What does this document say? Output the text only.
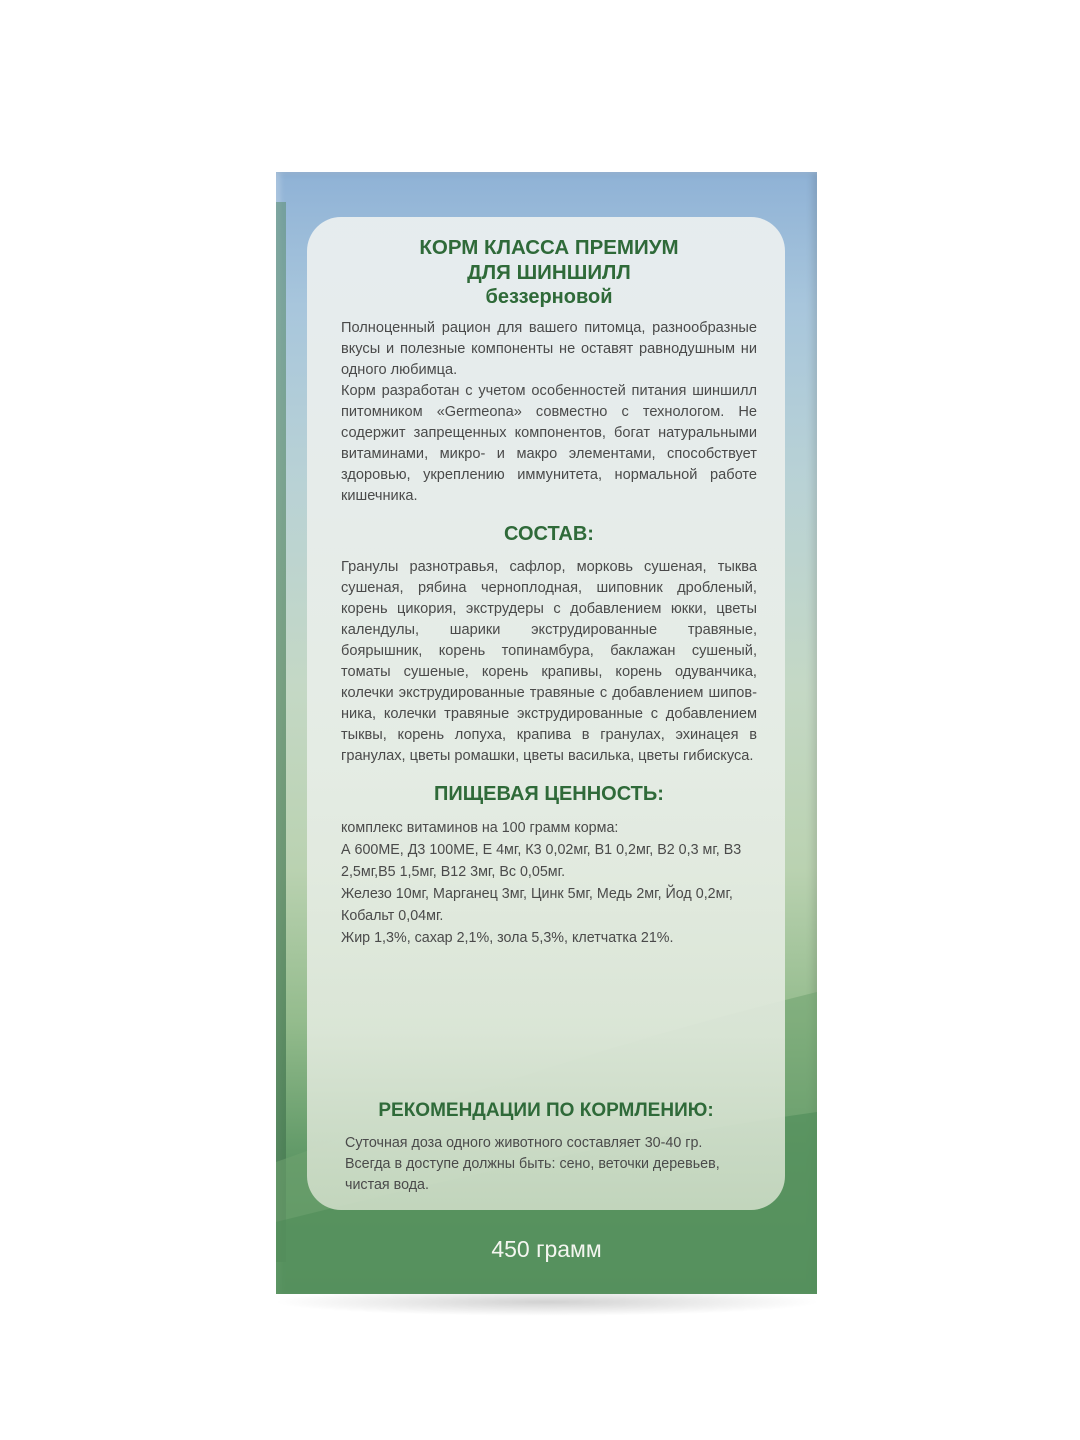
КОРМ КЛАССА ПРЕМИУМ

ДЛЯ ШИНШИЛЛ

беззерновой

Полноценный рацион для вашего питомца, разнообразные вкусы и полезные компоненты не оставят равнодушным ни одного любимца.

Корм разработан с учетом особенностей питания шиншилл питомником «Germeona» совместно с технологом. Не содержит запрещенных компонентов, богат натуральными витаминами, микро- и макро элементами, способствует здоровью, укреплению иммунитета, нормальной работе кишечника.

СОСТАВ:

Гранулы разнотравья, сафлор, морковь сушеная, тыква сушеная, рябина черноплодная, шиповник дробленый, корень цикория, экструдеры с добавлением юкки, цветы календулы, шарики экструдированные травяные, боярышник, корень топинамбура, баклажан сушеный, томаты сушеные, корень крапивы, корень одуванчика, колечки экструдированные травяные с добавлением шипов-ника, колечки травяные экструдированные с добавлением тыквы, корень лопуха, крапива в гранулах, эхинацея в гранулах, цветы ромашки, цветы василька, цветы гибискуса.

ПИЩЕВАЯ ЦЕННОСТЬ:

комплекс витаминов на 100 грамм корма:

А 600МЕ, Д3 100МЕ, Е 4мг, К3 0,02мг, В1 0,2мг, В2 0,3 мг, В3 2,5мг,В5 1,5мг, В12 3мг, Вс 0,05мг.

Железо 10мг, Марганец 3мг, Цинк 5мг, Медь 2мг, Йод 0,2мг, Кобальт 0,04мг.

Жир 1,3%, сахар 2,1%, зола 5,3%, клетчатка 21%.

РЕКОМЕНДАЦИИ ПО КОРМЛЕНИЮ:

Суточная доза одного животного составляет 30-40 гр.

Всегда в доступе должны быть: сено, веточки деревьев, чистая вода.

450 грамм
